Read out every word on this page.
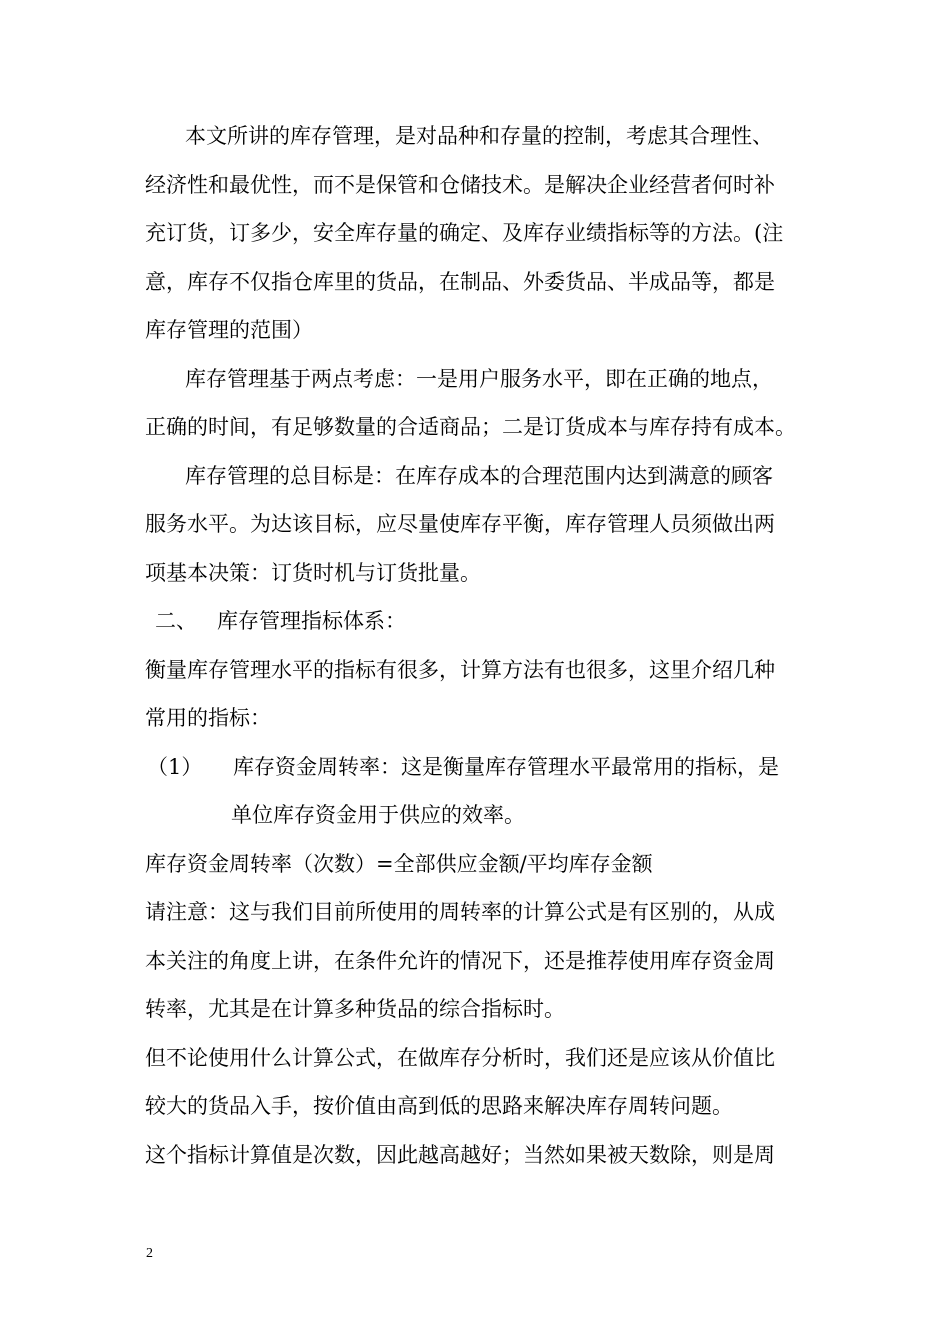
本文所讲的库存管理，是对品种和存量的控制，考虑其合理性、
经济性和最优性，而不是保管和仓储技术。是解决企业经营者何时补
充订货，订多少，安全库存量的确定、及库存业绩指标等的方法。(注
意，库存不仅指仓库里的货品，在制品、外委货品、半成品等，都是
库存管理的范围）

库存管理基于两点考虑：一是用户服务水平，即在正确的地点，
正确的时间，有足够数量的合适商品；二是订货成本与库存持有成本。

库存管理的总目标是：在库存成本的合理范围内达到满意的顾客
服务水平。为达该目标，应尽量使库存平衡，库存管理人员须做出两
项基本决策：订货时机与订货批量。

二、 库存管理指标体系：

衡量库存管理水平的指标有很多，计算方法有也很多，这里介绍几种
常用的指标：

（1） 库存资金周转率：这是衡量库存管理水平最常用的指标，是
单位库存资金用于供应的效率。

库存资金周转率（次数）=全部供应金额/平均库存金额

请注意：这与我们目前所使用的周转率的计算公式是有区别的，从成
本关注的角度上讲，在条件允许的情况下，还是推荐使用库存资金周
转率，尤其是在计算多种货品的综合指标时。

但不论使用什么计算公式，在做库存分析时，我们还是应该从价值比
较大的货品入手，按价值由高到低的思路来解决库存周转问题。

这个指标计算值是次数，因此越高越好；当然如果被天数除，则是周

2
